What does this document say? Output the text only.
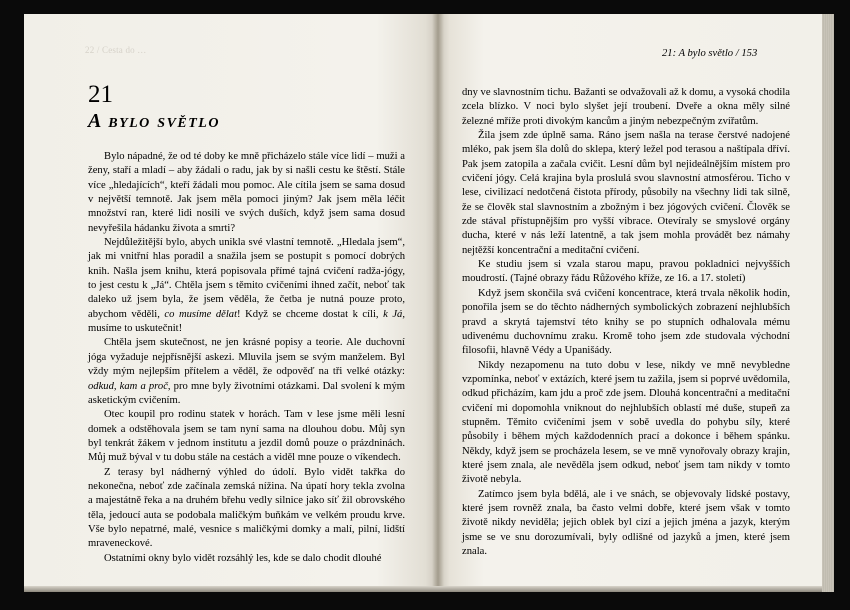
22 / Cesta do …
21
A bylo světlo

Bylo nápadné, že od té doby ke mně přicházelo stále více lidí – muži a ženy, staří a mladí – aby žádali o radu, jak by si našli cestu ke štěstí. Stále více „hledajících“, kteří žádali mou pomoc. Ale cítila jsem se sama dosud v největší temnotě. Jak jsem měla pomoci jiným? Jak jsem měla léčit množství ran, které lidi nosili ve svých duších, když jsem sama dosud nevyřešila hádanku života a smrti?

Nejdůležitější bylo, abych unikla své vlastní temnotě. „Hledala jsem“, jak mi vnitřní hlas poradil a snažila jsem se postupit s pomocí dobrých knih. Našla jsem knihu, která popisovala přímé tajná cvičení radža-jógy, to jest cestu k „Já“. Chtěla jsem s těmito cvičeními ihned začít, neboť tak daleko už jsem byla, že jsem věděla, že četba je nutná pouze proto, abychom věděli, co musíme dělat! Když se chceme dostat k cíli, k Já, musíme to uskutečnit!

Chtěla jsem skutečnost, ne jen krásné popisy a teorie. Ale duchovní jóga vyžaduje nejpřísnější askezi. Mluvila jsem se svým manželem. Byl vždy mým nejlepším přítelem a věděl, že odpověď na tři velké otázky: odkud, kam a proč, pro mne byly životními otázkami. Dal svolení k mým asketickým cvičením.

Otec koupil pro rodinu statek v horách. Tam v lese jsme měli lesní domek a odstěhovala jsem se tam nyní sama na dlouhou dobu. Můj syn byl tenkrát žákem v jednom institutu a jezdil domů pouze o prázdninách. Můj muž býval v tu dobu stále na cestách a viděl mne pouze o víkendech.

Z terasy byl nádherný výhled do údolí. Bylo vidět takřka do nekonečna, neboť zde začínala zemská nížina. Na úpatí hory tekla zvolna a majestátně řeka a na druhém břehu vedly silnice jako síť žil obrovského těla, jedoucí auta se podobala maličkým buňkám ve velkém proudu krve. Vše bylo nepatrné, malé, vesnice s maličkými domky a malí, pilní, lidští mraveneckové.

Ostatními okny bylo vidět rozsáhlý les, kde se dalo chodit dlouhé

21: A bylo světlo / 153

dny ve slavnostním tichu. Bažanti se odvažovali až k domu, a vysoká chodila zcela blízko. V noci bylo slyšet její troubení. Dveře a okna měly silné železné mříže proti divokým kancům a jiným nebezpečným zvířatům.

Žila jsem zde úplně sama. Ráno jsem našla na terase čerstvé nadojené mléko, pak jsem šla dolů do sklepa, který ležel pod terasou a naštípala dříví. Pak jsem zatopila a začala cvičit. Lesní dům byl nejideálnějším místem pro cvičení jógy. Celá krajina byla proslulá svou slavnostní atmosférou. Ticho v lese, civilizací nedotčená čistota přírody, působily na všechny lidi tak silně, že se člověk stal slavnostním a zbožným i bez jógových cvičení. Člověk se zde stával přístupnějším pro vyšší vibrace. Otevíraly se smyslové orgány ducha, které v nás leží latentně, a tak jsem mohla provádět bez námahy nejtěžší koncentrační a meditační cvičení.

Ke studiu jsem si vzala starou mapu, pravou pokladnici nejvyšších moudrostí. (Tajné obrazy řádu Růžového kříže, ze 16. a 17. století)

Když jsem skončila svá cvičení koncentrace, která trvala několik hodin, ponořila jsem se do těchto nádherných symbolických zobrazení nejhlubších pravd a skrytá tajemství této knihy se po stupních odhalovala mému udivenému duchovnímu zraku. Kromě toho jsem zde studovala východní filosofii, hlavně Védy a Upanišády.

Nikdy nezapomenu na tuto dobu v lese, nikdy ve mně nevybledne vzpomínka, neboť v extázích, které jsem tu zažila, jsem si poprvé uvědomila, odkud přicházím, kam jdu a proč zde jsem. Dlouhá koncentrační a meditační cvičení mi dopomohla vniknout do nejhlubších oblastí mé duše, stupeň za stupněm. Těmito cvičeními jsem v sobě uvedla do pohybu síly, které působily i během mých každodenních prací a dokonce i během spánku. Někdy, když jsem se procházela lesem, se ve mně vynořovaly obrazy krajin, které jsem znala, ale nevěděla jsem odkud, neboť jsem tam nikdy v tomto životě nebyla.

Zatímco jsem byla bdělá, ale i ve snách, se objevovaly lidské postavy, které jsem rovněž znala, ba často velmi dobře, které jsem však v tomto životě nikdy neviděla; jejich oblek byl cizí a jejich jména a jazyk, kterým jsme se ve snu dorozumívali, byly odlišné od jazyků a jmen, které jsem znala.
